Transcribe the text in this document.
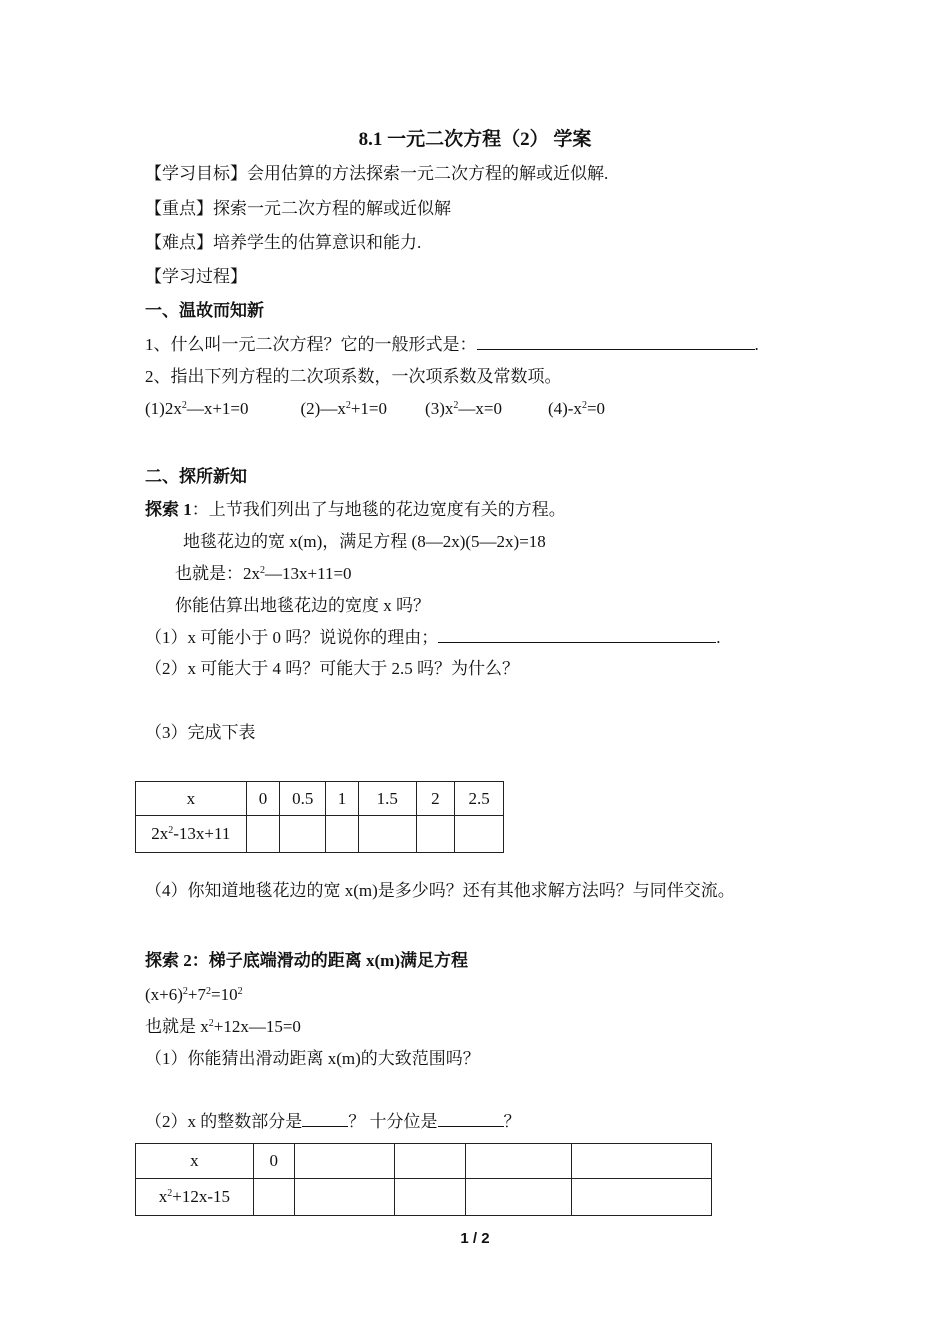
8.1 一元二次方程（2） 学案
【学习目标】会用估算的方法探索一元二次方程的解或近似解.
【重点】探索一元二次方程的解或近似解
【难点】培养学生的估算意识和能力.
【学习过程】
一、温故而知新
1、什么叫一元二次方程？它的一般形式是：	.
2、指出下列方程的二次项系数，一次项系数及常数项。
$(1)2x^2—x+1=0$	$(2)—x^2+1=0$ $(3)x^2—x=0$	$(4)-x^2=0$
二、探所新知
探索 1：上节我们列出了与地毯的花边宽度有关的方程。
地毯花边的宽 x(m)，满足方程 (8—2x)(5—2x)=18
也就是：$2x^2—13x+11=0$
你能估算出地毯花边的宽度 x 吗？
（1）x 可能小于 0 吗？说说你的理由；	.
（2）x 可能大于 4 吗？可能大于 2.5 吗？为什么？
（3）完成下表
x	0	0.5	1	1.5	2	2.5
$2x^2-13x+11$						
（4）你知道地毯花边的宽 x(m)是多少吗？还有其他求解方法吗？与同伴交流。
探索 2：梯子底端滑动的距离 x(m)满足方程
$(x+6)^2+7^2=10^2$
也就是 $x^2+12x—15=0$
（1）你能猜出滑动距离 x(m)的大致范围吗？
（2）x 的整数部分是	？ 十分位是	？
x	0				
$x^2+12x-15$					
1 / 2
